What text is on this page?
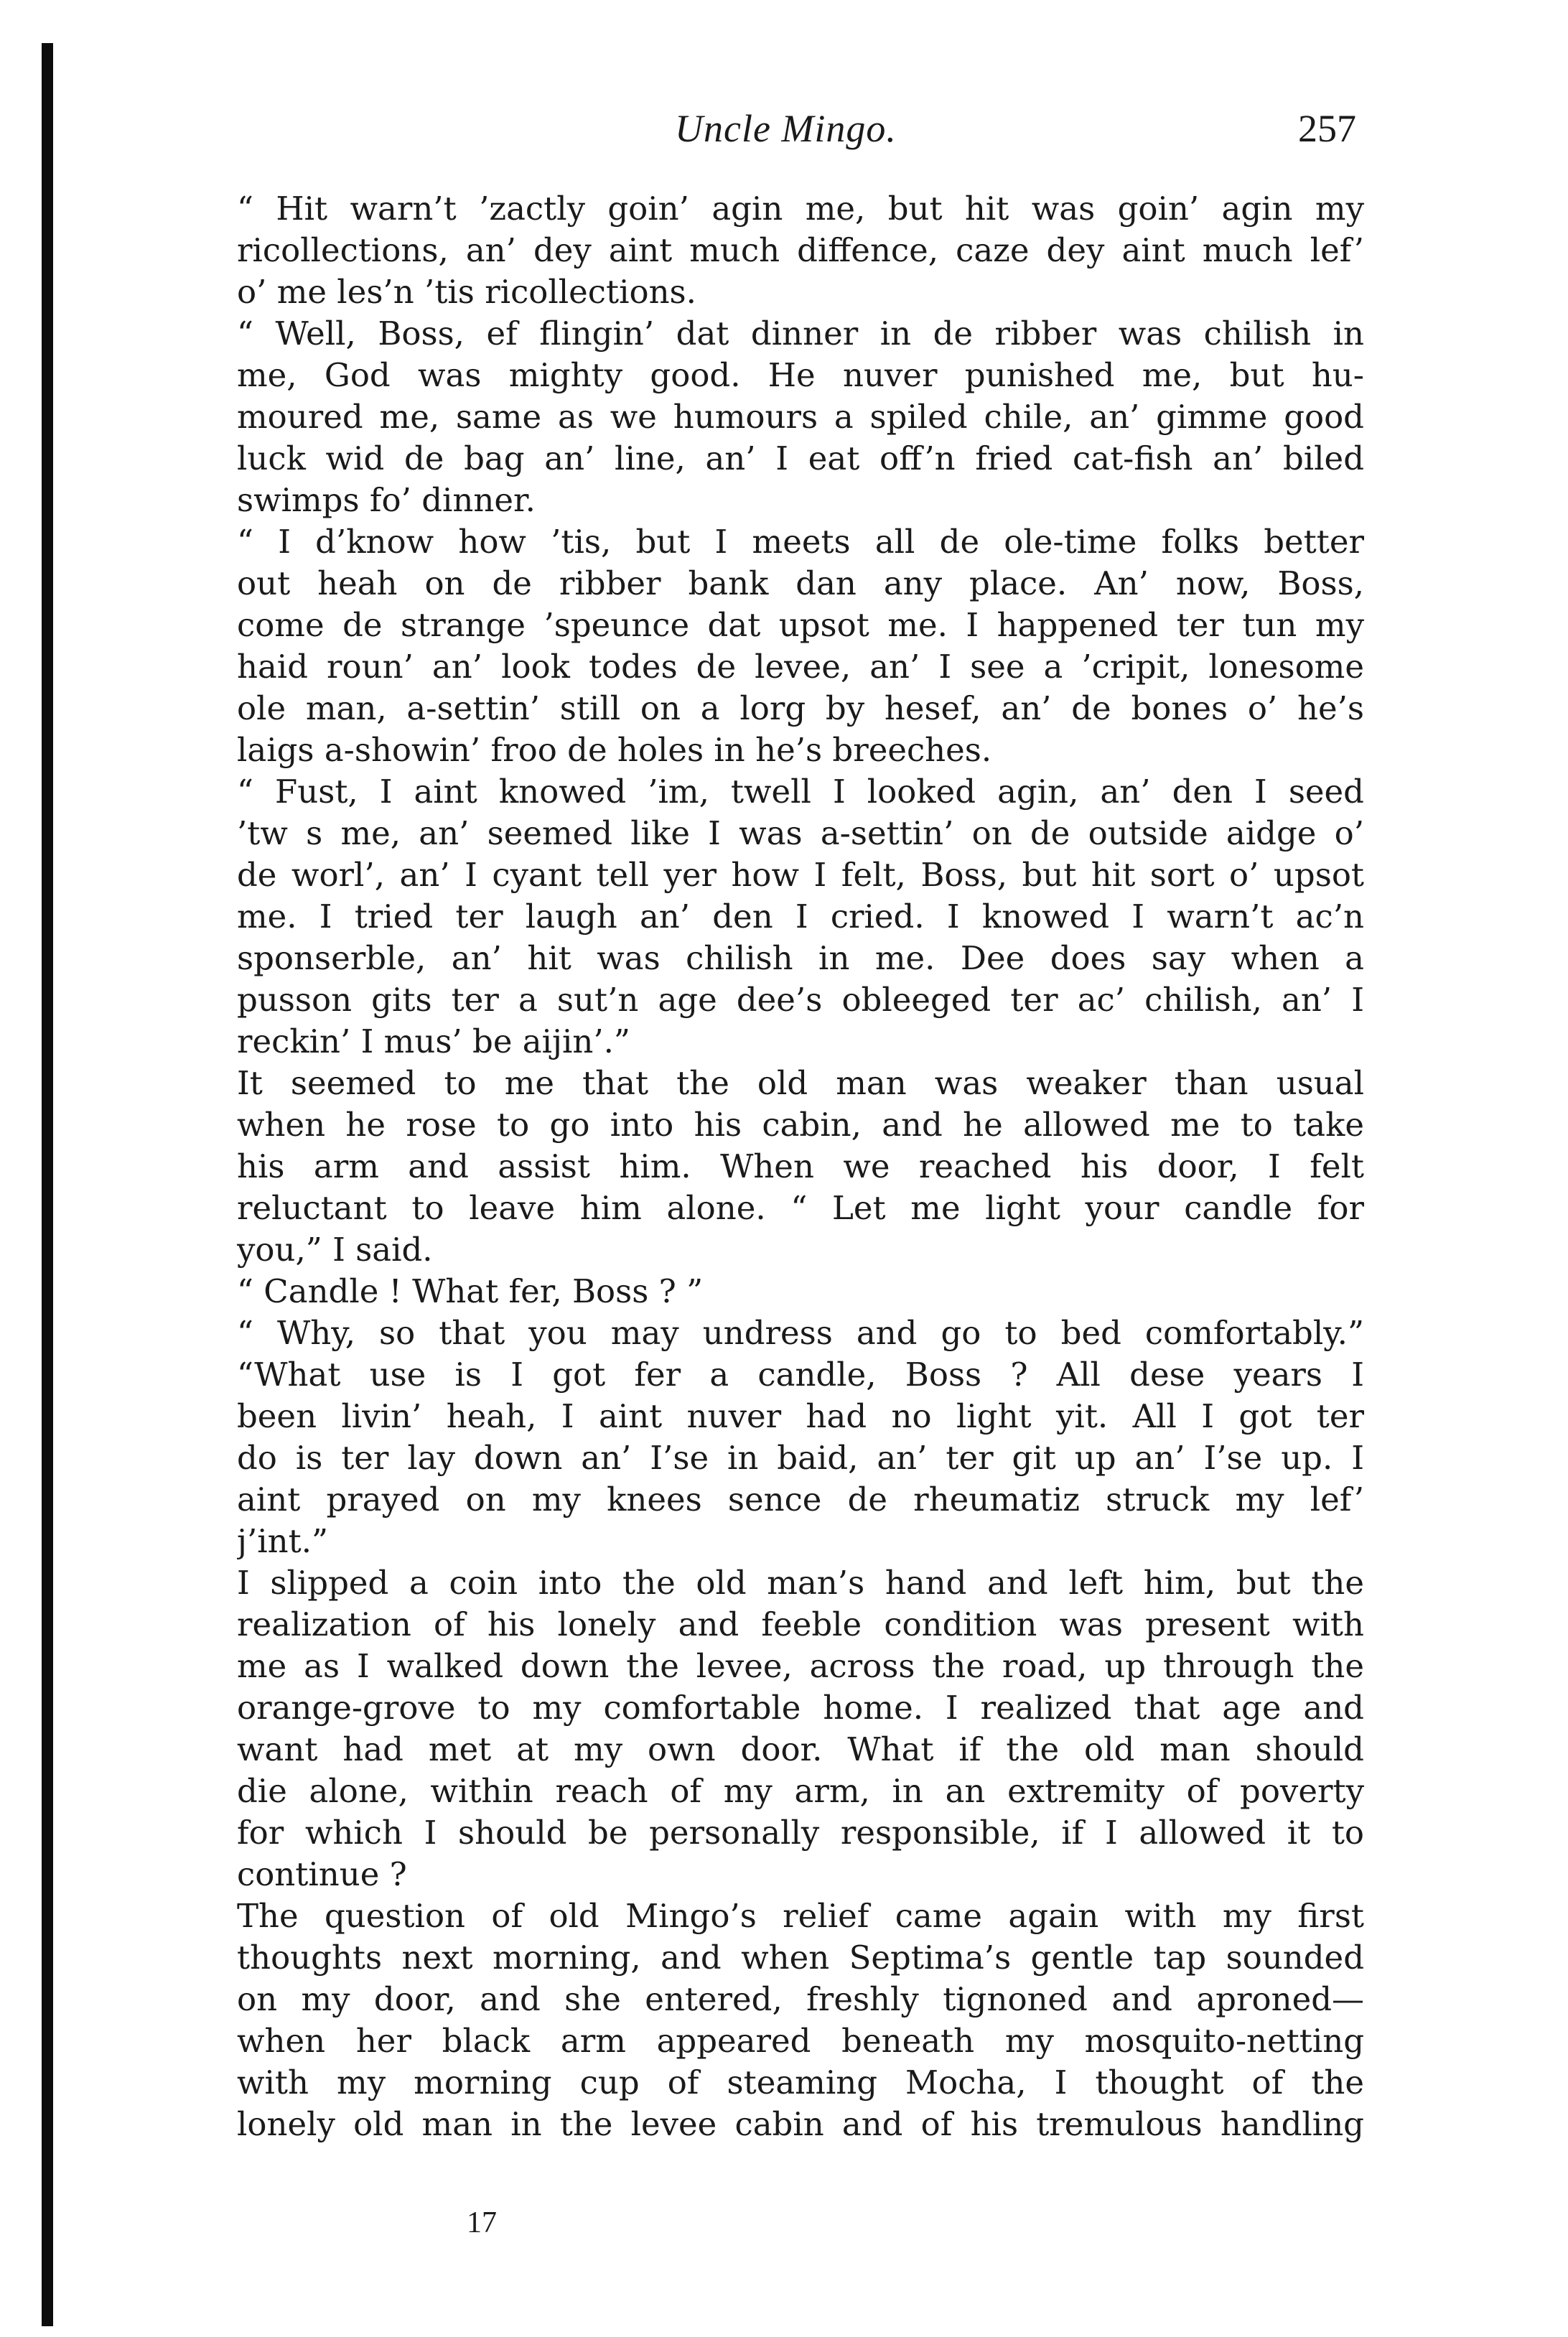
Uncle Mingo.	257
“ Hit warn’t ’zactly goin’ agin me, but hit was goin’ agin my
ricollections, an’ dey aint much diffence, caze dey aint much lef’
o’ me les’n ’tis ricollections.
“ Well, Boss, ef flingin’ dat dinner in de ribber was chilish in
me, God was mighty good. He nuver punished me, but hu-
moured me, same as we humours a spiled chile, an’ gimme good
luck wid de bag an’ line, an’ I eat off’n fried cat-fish an’ biled
swimps fo’ dinner.
“ I d’know how ’tis, but I meets all de ole-time folks better
out heah on de ribber bank dan any place. An’ now, Boss,
come de strange ’speunce dat upsot me. I happened ter tun my
haid roun’ an’ look todes de levee, an’ I see a ’cripit, lonesome
ole man, a-settin’ still on a lorg by hesef, an’ de bones o’ he’s
laigs a-showin’ froo de holes in he’s breeches.
“ Fust, I aint knowed ’im, twell I looked agin, an’ den I seed
’tw s me, an’ seemed like I was a-settin’ on de outside aidge o’
de worl’, an’ I cyant tell yer how I felt, Boss, but hit sort o’ upsot
me. I tried ter laugh an’ den I cried. I knowed I warn’t ac’n
sponserble, an’ hit was chilish in me. Dee does say when a
pusson gits ter a sut’n age dee’s obleeged ter ac’ chilish, an’ I
reckin’ I mus’ be aijin’.”
It seemed to me that the old man was weaker than usual
when he rose to go into his cabin, and he allowed me to take
his arm and assist him. When we reached his door, I felt
reluctant to leave him alone. “ Let me light your candle for
you,” I said.
“ Candle ! What fer, Boss ? ”
“ Why, so that you may undress and go to bed comfortably.”
“What use is I got fer a candle, Boss ? All dese years I
been livin’ heah, I aint nuver had no light yit. All I got ter
do is ter lay down an’ I’se in baid, an’ ter git up an’ I’se up. I
aint prayed on my knees sence de rheumatiz struck my lef’
j’int.”
I slipped a coin into the old man’s hand and left him, but the
realization of his lonely and feeble condition was present with
me as I walked down the levee, across the road, up through the
orange-grove to my comfortable home. I realized that age and
want had met at my own door. What if the old man should
die alone, within reach of my arm, in an extremity of poverty
for which I should be personally responsible, if I allowed it to
continue ?
The question of old Mingo’s relief came again with my first
thoughts next morning, and when Septima’s gentle tap sounded
on my door, and she entered, freshly tignoned and aproned—
when her black arm appeared beneath my mosquito-netting
with my morning cup of steaming Mocha, I thought of the
lonely old man in the levee cabin and of his tremulous handling
17
